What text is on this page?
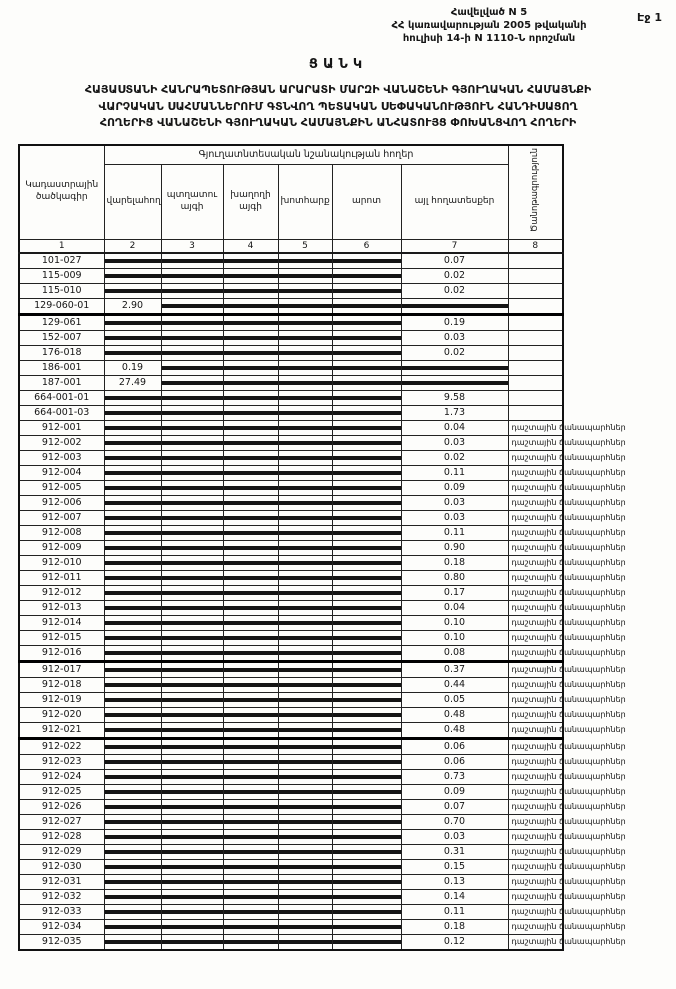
Էջ 1
Հավելված N 5
ՀՀ կառավարության 2005 թվականի
հուլիսի 14-ի N 1110-Ն որոշման
ՑԱՆԿ
ՀԱՅԱՍՏԱՆԻ ՀԱՆՐԱՊԵՏՈՒԹՅԱՆ ԱՐԱՐԱՏԻ ՄԱՐԶԻ ՎԱՆԱՇԵՆԻ ԳՅՈՒՂԱԿԱՆ ՀԱՄԱՅՆՔԻ
ՎԱՐՉԱԿԱՆ ՍԱՀՄԱՆՆԵՐՈՒՄ ԳՏՆՎՈՂ ՊԵՏԱԿԱՆ ՍԵՓԱԿԱՆՈՒԹՅՈՒՆ ՀԱՆԴԻՍԱՑՈՂ
ՀՈՂԵՐԻՑ ՎԱՆԱՇԵՆԻ ԳՅՈՒՂԱԿԱՆ ՀԱՄԱՅՆՔԻՆ ԱՆՀԱՏՈՒՅՑ ՓՈԽԱՆՑՎՈՂ ՀՈՂԵՐԻ
Կադաստրային ծածկագիր	Գյուղատնտեսական նշանակության հողեր						Ծանոթագրություն
	վարելահող	պտղատու այգի	խաղողի այգի	խոտհարք	արոտ	այլ հողատեսքեր	
1	2	3	4	5	6	7	8
101-027						0.07	
115-009						0.02	
115-010						0.02	
129-060-01	2.90						
129-061						0.19	
152-007						0.03	
176-018						0.02	
186-001	0.19						
187-001	27.49						
664-001-01						9.58	
664-001-03						1.73	
912-001						0.04	դաշտային ճանապարհներ
912-002						0.03	դաշտային ճանապարհներ
912-003						0.02	դաշտային ճանապարհներ
912-004						0.11	դաշտային ճանապարհներ
912-005						0.09	դաշտային ճանապարհներ
912-006						0.03	դաշտային ճանապարհներ
912-007						0.03	դաշտային ճանապարհներ
912-008						0.11	դաշտային ճանապարհներ
912-009						0.90	դաշտային ճանապարհներ
912-010						0.18	դաշտային ճանապարհներ
912-011						0.80	դաշտային ճանապարհներ
912-012						0.17	դաշտային ճանապարհներ
912-013						0.04	դաշտային ճանապարհներ
912-014						0.10	դաշտային ճանապարհներ
912-015						0.10	դաշտային ճանապարհներ
912-016						0.08	դաշտային ճանապարհներ
912-017						0.37	դաշտային ճանապարհներ
912-018						0.44	դաշտային ճանապարհներ
912-019						0.05	դաշտային ճանապարհներ
912-020						0.48	դաշտային ճանապարհներ
912-021						0.48	դաշտային ճանապարհներ
912-022						0.06	դաշտային ճանապարհներ
912-023						0.06	դաշտային ճանապարհներ
912-024						0.73	դաշտային ճանապարհներ
912-025						0.09	դաշտային ճանապարհներ
912-026						0.07	դաշտային ճանապարհներ
912-027						0.70	դաշտային ճանապարհներ
912-028						0.03	դաշտային ճանապարհներ
912-029						0.31	դաշտային ճանապարհներ
912-030						0.15	դաշտային ճանապարհներ
912-031						0.13	դաշտային ճանապարհներ
912-032						0.14	դաշտային ճանապարհներ
912-033						0.11	դաշտային ճանապարհներ
912-034						0.18	դաշտային ճանապարհներ
912-035						0.12	դաշտային ճանապարհներ
